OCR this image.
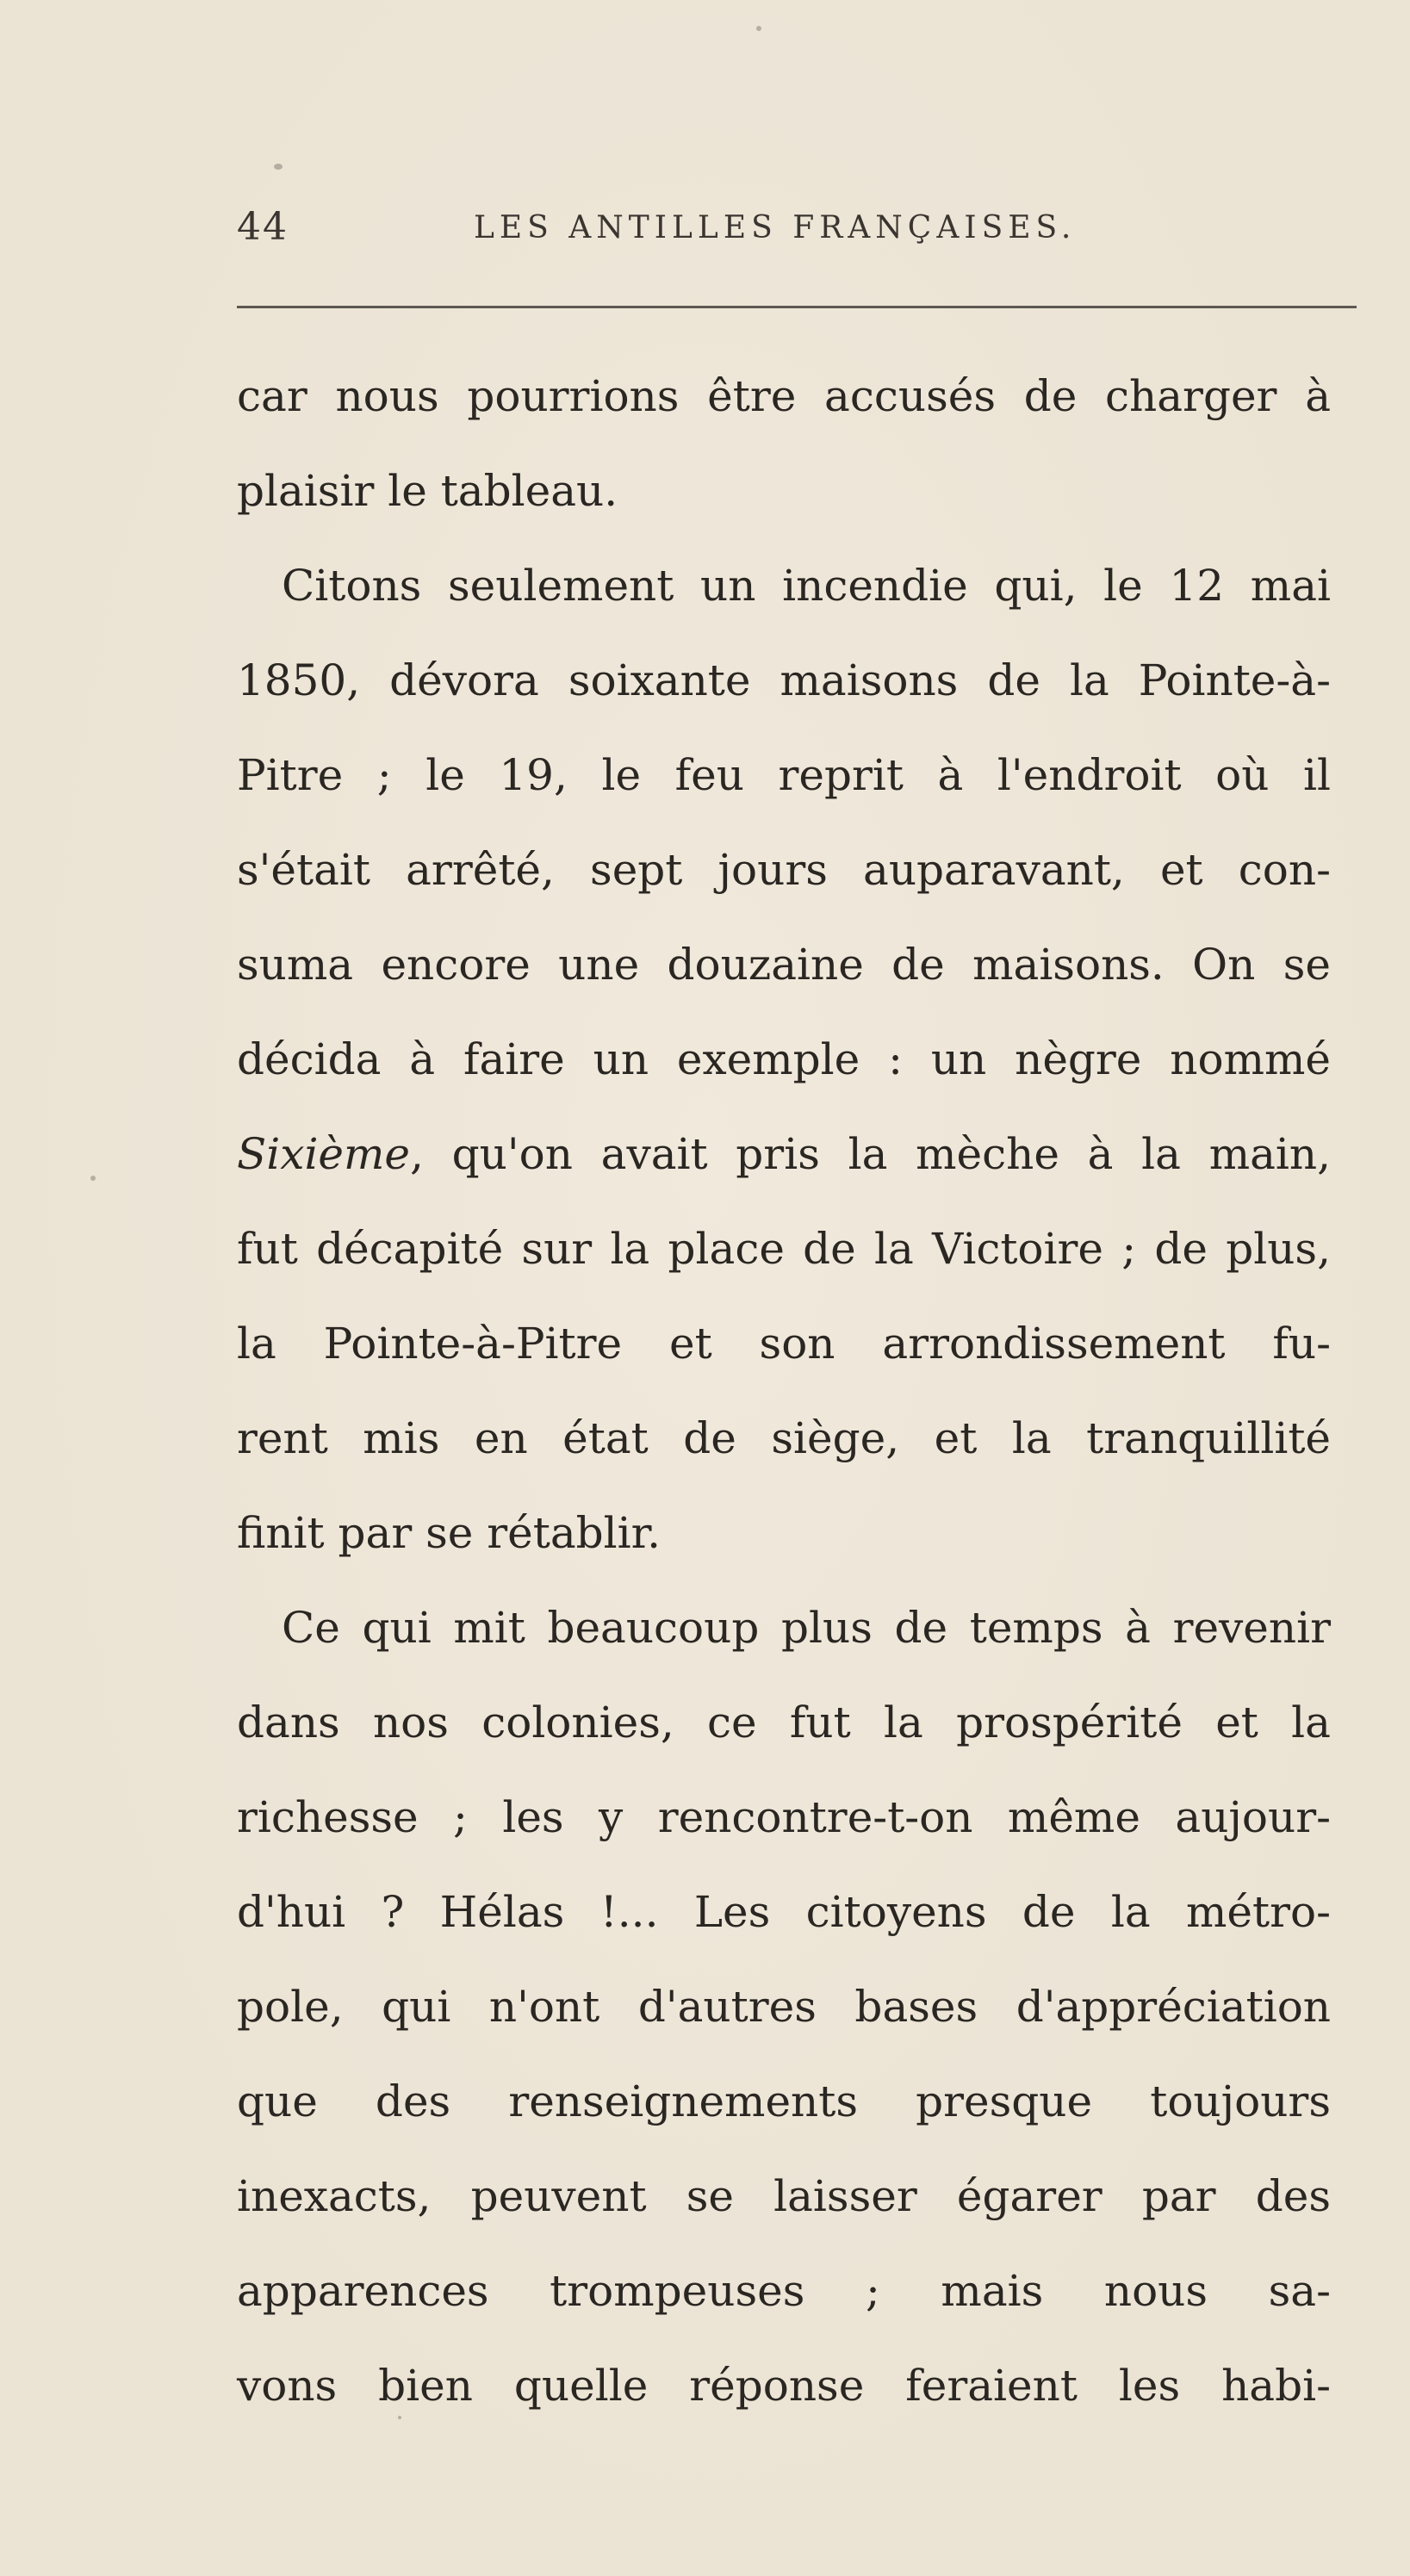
44	LES ANTILLES FRANÇAISES.
car nous pourrions être accusés de charger à
plaisir le tableau.
Citons seulement un incendie qui, le 12 mai
1850, dévora soixante maisons de la Pointe-à-
Pitre ; le 19, le feu reprit à l'endroit où il
s'était arrêté, sept jours auparavant, et con-
suma encore une douzaine de maisons. On se
décida à faire un exemple : un nègre nommé
Sixième, qu'on avait pris la mèche à la main,
fut décapité sur la place de la Victoire ; de plus,
la Pointe-à-Pitre et son arrondissement fu-
rent mis en état de siège, et la tranquillité
finit par se rétablir.
Ce qui mit beaucoup plus de temps à revenir
dans nos colonies, ce fut la prospérité et la
richesse ; les y rencontre-t-on même aujour-
d'hui ? Hélas !... Les citoyens de la métro-
pole, qui n'ont d'autres bases d'appréciation
que des renseignements presque toujours
inexacts, peuvent se laisser égarer par des
apparences trompeuses ; mais nous sa-
vons bien quelle réponse feraient les habi-
